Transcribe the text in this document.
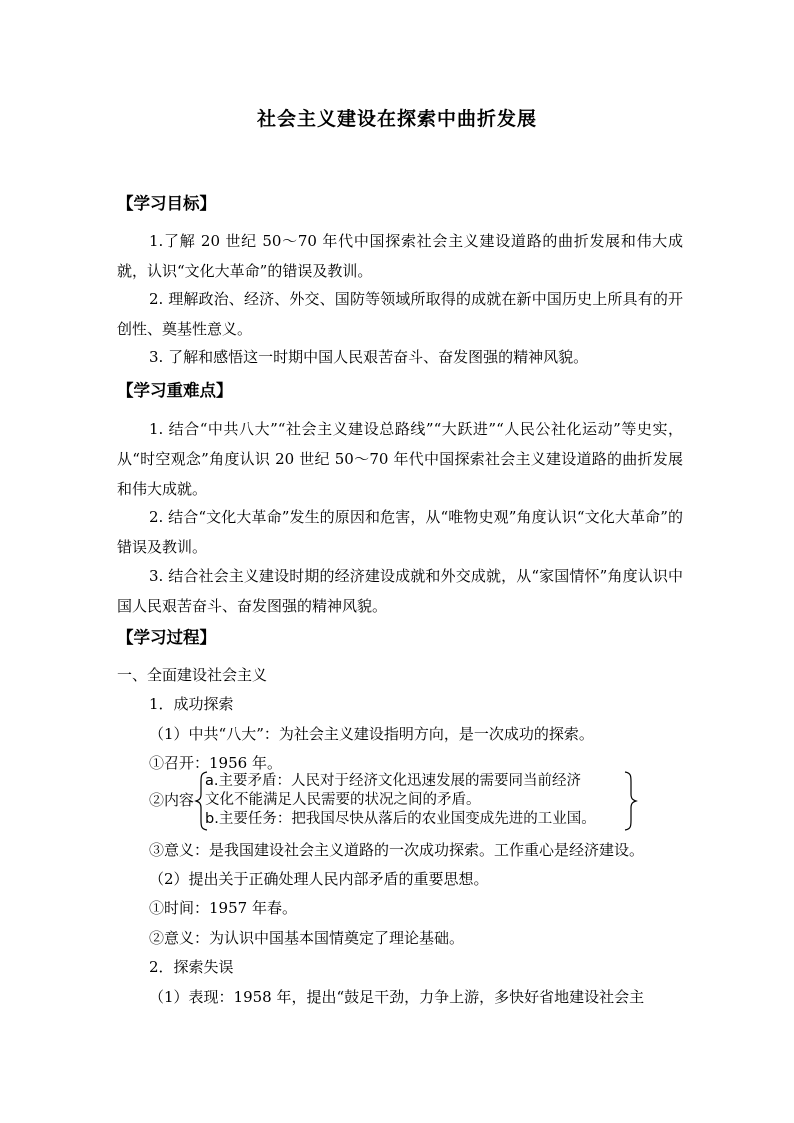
社会主义建设在探索中曲折发展
【学习目标】
1.了解 20 世纪 50～70 年代中国探索社会主义建设道路的曲折发展和伟大成就，认识“文化大革命”的错误及教训。
2. 理解政治、经济、外交、国防等领域所取得的成就在新中国历史上所具有的开创性、奠基性意义。
3. 了解和感悟这一时期中国人民艰苦奋斗、奋发图强的精神风貌。
【学习重难点】
1. 结合“中共八大”“社会主义建设总路线”“大跃进”“人民公社化运动”等史实，从“时空观念”角度认识 20 世纪 50～70 年代中国探索社会主义建设道路的曲折发展和伟大成就。
2. 结合“文化大革命”发生的原因和危害，从“唯物史观”角度认识“文化大革命”的错误及教训。
3. 结合社会主义建设时期的经济建设成就和外交成就，从“家国情怀”角度认识中国人民艰苦奋斗、奋发图强的精神风貌。
【学习过程】
一、全面建设社会主义
1．成功探索
（1）中共“八大”：为社会主义建设指明方向，是一次成功的探索。
①召开：1956 年。
②内容
a.主要矛盾：人民对于经济文化迅速发展的需要同当前经济
文化不能满足人民需要的状况之间的矛盾。
b.主要任务：把我国尽快从落后的农业国变成先进的工业国。
③意义：是我国建设社会主义道路的一次成功探索。工作重心是经济建设。
（2）提出关于正确处理人民内部矛盾的重要思想。
①时间：1957 年春。
②意义：为认识中国基本国情奠定了理论基础。
2．探索失误
（1）表现：1958 年，提出“鼓足干劲，力争上游，多快好省地建设社会主
